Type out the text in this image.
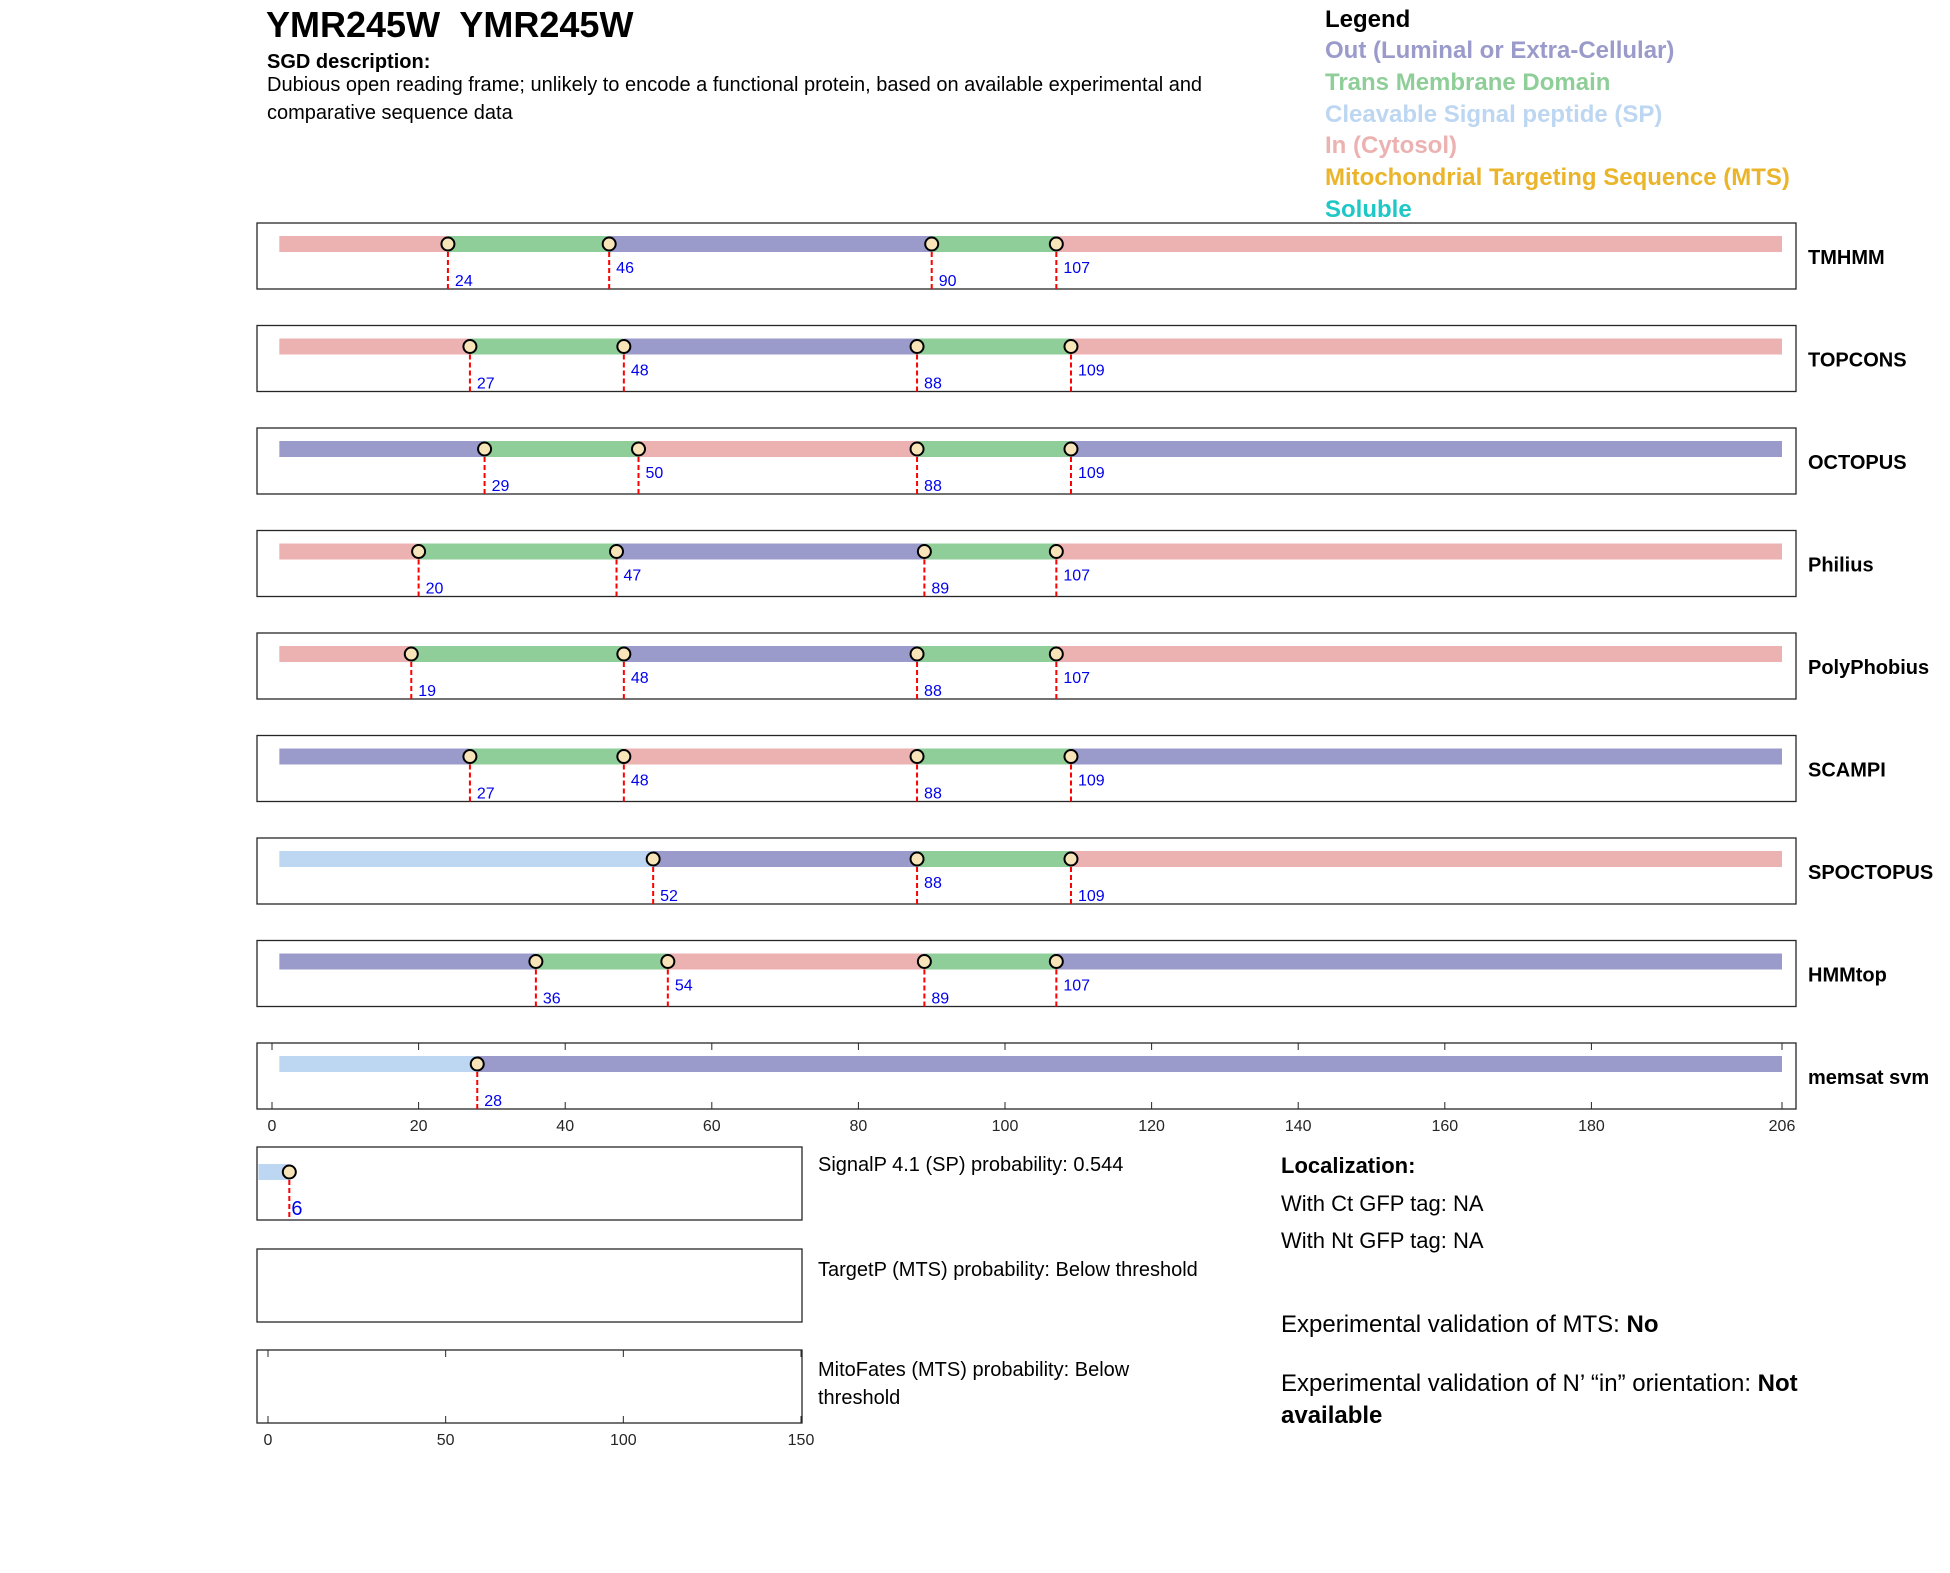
YMR245W  YMR245W
SGD description:
Dubious open reading frame; unlikely to encode a functional protein, based on available experimental and comparative sequence data
Legend
Out (Luminal or Extra-Cellular)
Trans Membrane Domain
Cleavable Signal peptide (SP)
In (Cytosol)
Mitochondrial Targeting Sequence (MTS)
Soluble
24
46
90
107	TMHMM
27
48
88
109	TOPCONS
29
50
88
109	OCTOPUS
20
47
89
107	Philius
19
48
88
107	PolyPhobius
27
48
88
109	SCAMPI
52
88
109
SPOCTOPUS
36
54
89
107	HMMtop
28
memsat svm
0	20	40	60	80	100	120	140	160	180	206
6
0	50	100	150
SignalP 4.1 (SP) probability: 0.544
TargetP (MTS) probability: Below threshold
MitoFates (MTS) probability: Below threshold
Localization:
With Ct GFP tag: NA
With Nt GFP tag: NA
Experimental validation of MTS: No
Experimental validation of N’ “in” orientation: Not available
